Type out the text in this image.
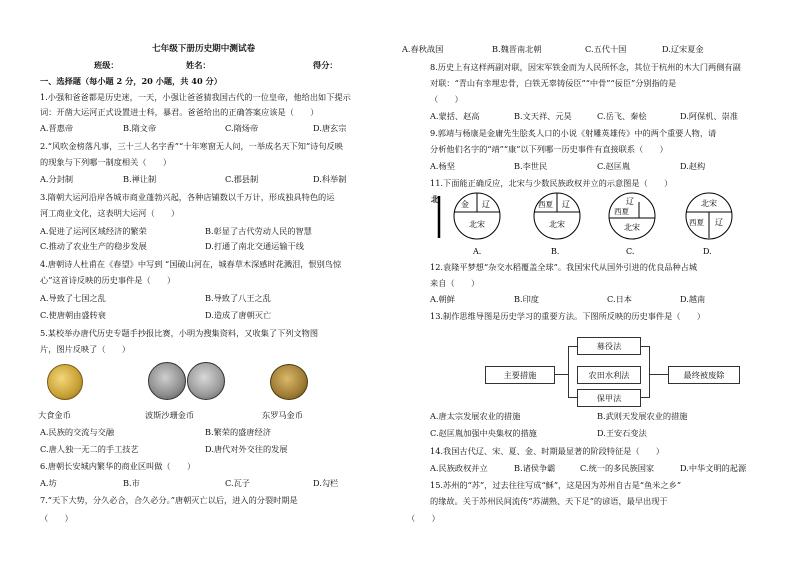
七年级下册历史期中测试卷
班级：	姓名：	得分：
一、选择题（每小题 2 分，20 小题，共 40 分）
1.小强和爸爸都是历史迷，一天，小强让爸爸猜我国古代的一位皇帝，他给出如下提示
词：开凿大运河正式设置进士科，暴君。爸爸给出的正确答案应该是（　　）
A.晋惠帝	B.隋文帝	C.隋炀帝	D.唐玄宗
2.“风吹金榜落凡事，三十三人名字香”“十年寒窗无人问，一举成名天下知”诗句反映
的现象与下列哪一制度相关（　　）
A.分封制	B.禅让制	C.郡县制	D.科举制
3.隋朝大运河沿岸各城市商业蓬勃兴起，各种店铺数以千万计，形成独具特色的运
河工商业文化，这表明大运河（　　）
A.促进了运河区域经济的繁荣	B.彰显了古代劳动人民的智慧
C.推动了农业生产的稳步发展	D.打通了南北交通运输干线
4.唐朝诗人杜甫在《春望》中写到 “国破山河在，城春草木深感时花溅泪，恨别鸟惊
心”这首诗反映的历史事件是（　　）
A.导致了七国之乱	B.导致了八王之乱
C.使唐朝由盛转衰	D.造成了唐朝灭亡
5.某校举办唐代历史专题手抄报比赛，小明为搜集资料，又收集了下列文物图
片，图片反映了（　　）
大食金币	波斯沙珊金币	东罗马金币
A.民族的交流与交融	B.繁荣的盛唐经济
C.唐人独一无二的手工技艺	D.唐代对外交往的发展
6.唐朝长安城内繁华的商业区叫做（　　）
A.坊	B.市	C.瓦子	D.勾栏
7.“天下大势，分久必合，合久必分。”唐朝灭亡以后，进入的分裂时期是
（　　）
A.春秋战国	B.魏晋南北朝	C.五代十国	D.辽宋夏金
8.历史上有这样两副对联，因宋军铁金而为人民所怀念，其位于杭州的木大门两侧有副
对联：“青山有幸埋忠骨，白铁无辜铸佞臣”“中骨”“佞臣”分别指的是
（　　）
A.蒙括、赵高	B.文天祥、元昊	C.岳飞、秦桧	D.阿保机、崇准
9.郭靖与杨康是金庸先生脍炙人口的小说《射雕英雄传》中的两个重要人物，请
分析他们名字的“靖”“康”以下列哪一历史事件有直接联系（　　）
A.杨坚	B.李世民	C.赵匡胤	D.赵构
11.下面能正确反应，北宋与少数民族政权并立的示意图是（　　）
金 辽
北宋
北
A.
西夏 辽
北宋
B.
辽
西夏
北宋
C.
北宋
西夏 辽
D.
12.袁隆平梦想“杂交水稻覆盖全球”。我国宋代从国外引进的优良品种占城
来自（　　）
A.朝鲜	B.印度	C.日本	D.越南
13.制作思维导图是历史学习的重要方法。下图所反映的历史事件是（　　）
主要措施
募役法
农田水利法
保甲法
最终被废除
A.唐太宗发展农业的措施	B.武则天发展农业的措施
C.赵匡胤加强中央集权的措施	D.王安石变法
14.我国古代辽、宋、夏、金、时期最显著的阶段特征是（　　）
A.民族政权并立	B.诸侯争霸	C.统一的多民族国家	D.中华文明的起源
15.苏州的“苏”，过去往往写成“穌”，这是因为苏州自古是“鱼米之乡”
的缘故。关于苏州民间流传“苏湖熟、天下足”的谚语，最早出现于
（　　）
